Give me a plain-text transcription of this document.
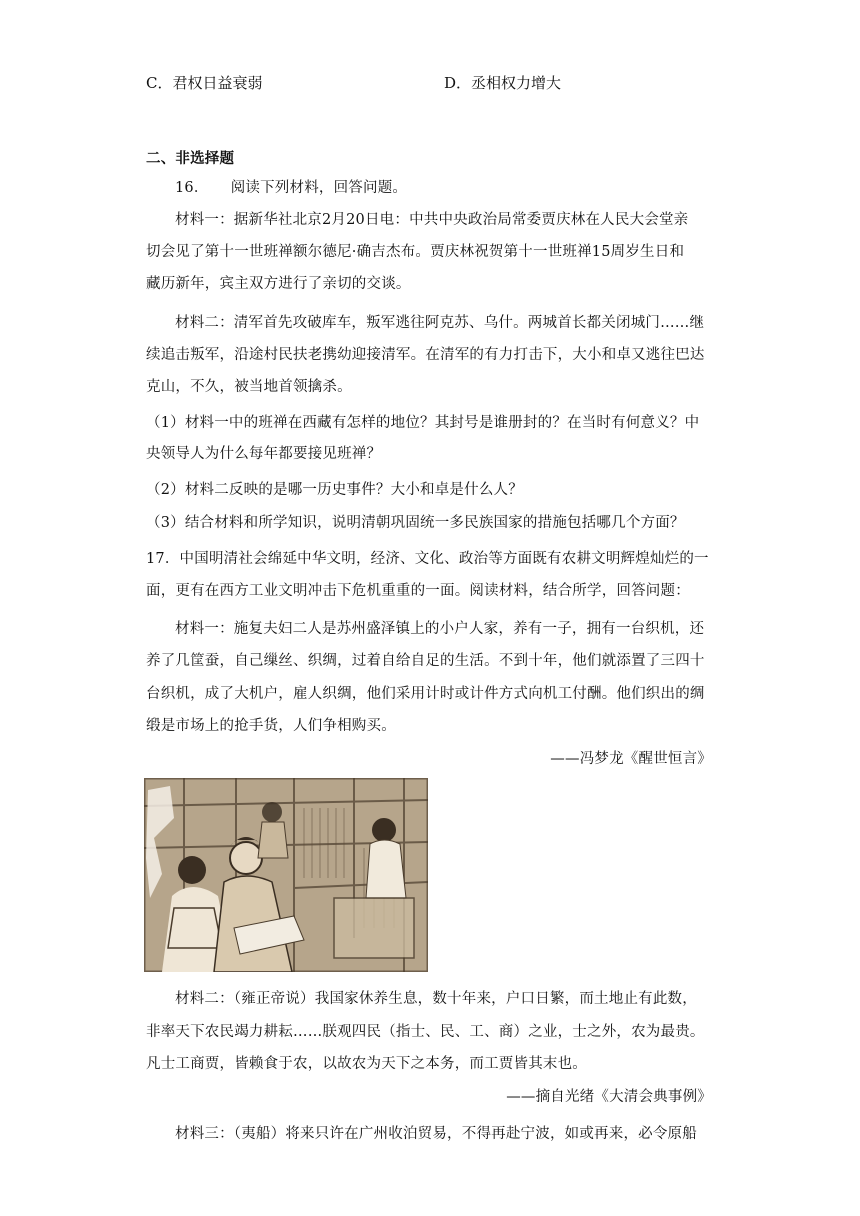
C．君权日益衰弱	D．丞相权力增大
二、非选择题
16．　　阅读下列材料，回答问题。
材料一：据新华社北京2月20日电：中共中央政治局常委贾庆林在人民大会堂亲
切会见了第十一世班禅额尔德尼·确吉杰布。贾庆林祝贺第十一世班禅15周岁生日和
藏历新年，宾主双方进行了亲切的交谈。
材料二：清军首先攻破库车，叛军逃往阿克苏、乌什。两城首长都关闭城门……继
续追击叛军，沿途村民扶老携幼迎接清军。在清军的有力打击下，大小和卓又逃往巴达
克山，不久，被当地首领擒杀。
（1）材料一中的班禅在西藏有怎样的地位？其封号是谁册封的？在当时有何意义？中
央领导人为什么每年都要接见班禅？
（2）材料二反映的是哪一历史事件？大小和卓是什么人？
（3）结合材料和所学知识，说明清朝巩固统一多民族国家的措施包括哪几个方面？
17．中国明清社会绵延中华文明，经济、文化、政治等方面既有农耕文明辉煌灿烂的一
面，更有在西方工业文明冲击下危机重重的一面。阅读材料，结合所学，回答问题：
材料一：施复夫妇二人是苏州盛泽镇上的小户人家，养有一子，拥有一台织机，还
养了几筐蚕，自己缫丝、织绸，过着自给自足的生活。不到十年，他们就添置了三四十
台织机，成了大机户，雇人织绸，他们采用计时或计件方式向机工付酬。他们织出的绸
缎是市场上的抢手货，人们争相购买。
——冯梦龙《醒世恒言》
材料二：（雍正帝说）我国家休养生息，数十年来，户口日繁，而土地止有此数，
非率天下农民竭力耕耘……朕观四民（指士、民、工、商）之业，士之外，农为最贵。
凡士工商贾，皆赖食于农，以故农为天下之本务，而工贾皆其末也。
——摘自光绪《大清会典事例》
材料三：（夷船）将来只许在广州收泊贸易，不得再赴宁波，如或再来，必令原船
